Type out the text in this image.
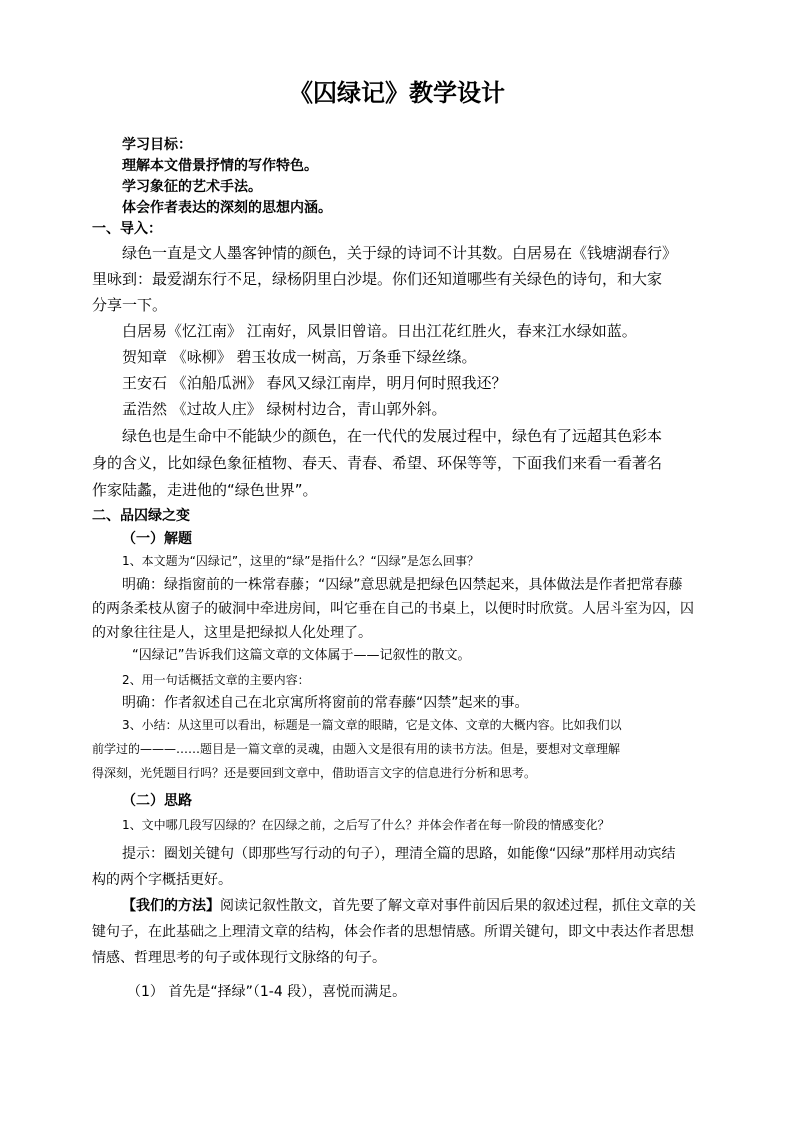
《囚绿记》教学设计
学习目标：
理解本文借景抒情的写作特色。
学习象征的艺术手法。
体会作者表达的深刻的思想内涵。
一、导入：
绿色一直是文人墨客钟情的颜色，关于绿的诗词不计其数。白居易在《钱塘湖春行》
里咏到：最爱湖东行不足，绿杨阴里白沙堤。你们还知道哪些有关绿色的诗句，和大家
分享一下。
白居易《忆江南》 江南好，风景旧曾谙。日出江花红胜火，春来江水绿如蓝。
贺知章 《咏柳》 碧玉妆成一树高，万条垂下绿丝绦。
王安石 《泊船瓜洲》 春风又绿江南岸，明月何时照我还？
孟浩然 《过故人庄》 绿树村边合，青山郭外斜。
绿色也是生命中不能缺少的颜色，在一代代的发展过程中，绿色有了远超其色彩本
身的含义，比如绿色象征植物、春天、青春、希望、环保等等，下面我们来看一看著名
作家陆蠡，走进他的“绿色世界”。
二、品囚绿之变
（一）解题
1、本文题为“囚绿记”，这里的“绿”是指什么？“囚绿”是怎么回事？
明确：绿指窗前的一株常春藤；“囚绿”意思就是把绿色囚禁起来，具体做法是作者把常春藤
的两条柔枝从窗子的破洞中牵进房间，叫它垂在自己的书桌上，以便时时欣赏。人居斗室为囚，囚
的对象往往是人，这里是把绿拟人化处理了。
“囚绿记”告诉我们这篇文章的文体属于——记叙性的散文。
2、用一句话概括文章的主要内容：
明确：作者叙述自己在北京寓所将窗前的常春藤“囚禁”起来的事。
3、小结：从这里可以看出，标题是一篇文章的眼睛，它是文体、文章的大概内容。比如我们以
前学过的———……题目是一篇文章的灵魂，由题入文是很有用的读书方法。但是，要想对文章理解
得深刻，光凭题目行吗？还是要回到文章中，借助语言文字的信息进行分析和思考。
（二）思路
1、文中哪几段写囚绿的？在囚绿之前，之后写了什么？并体会作者在每一阶段的情感变化？
提示：圈划关键句（即那些写行动的句子），理清全篇的思路，如能像“囚绿”那样用动宾结
构的两个字概括更好。
【我们的方法】阅读记叙性散文，首先要了解文章对事件前因后果的叙述过程，抓住文章的关
键句子，在此基础之上理清文章的结构，体会作者的思想情感。所谓关键句，即文中表达作者思想
情感、哲理思考的句子或体现行文脉络的句子。
（1） 首先是“择绿”（1-4 段），喜悦而满足。
